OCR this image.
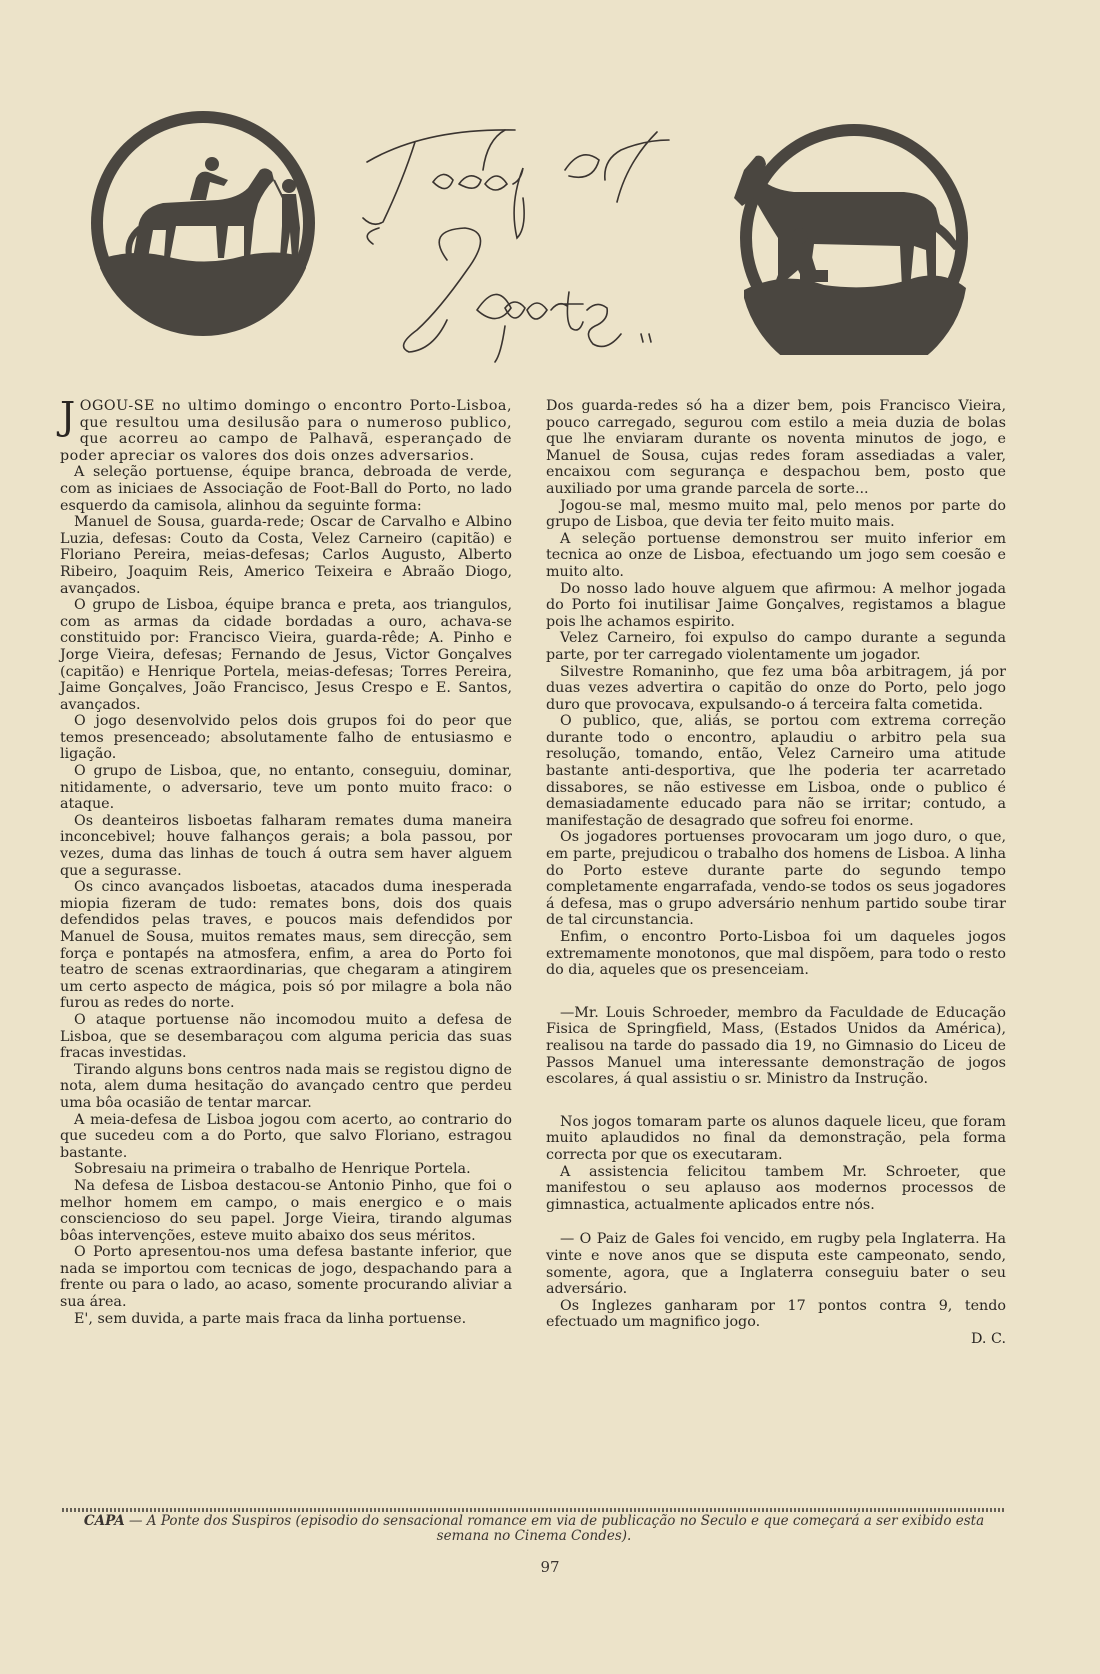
JOGOU-SE no ultimo domingo o encontro Porto-Lisboa, que resultou uma desilusão para o numeroso publico, que acorreu ao campo de Palhavã, esperançado de poder apreciar os valores dos dois onzes adversarios.

A seleção portuense, équipe branca, debroada de verde, com as iniciaes de Associação de Foot-Ball do Porto, no lado esquerdo da camisola, alinhou da seguinte forma:

Manuel de Sousa, guarda-rede; Oscar de Carvalho e Albino Luzia, defesas: Couto da Costa, Velez Carneiro (capitão) e Floriano Pereira, meias-defesas; Carlos Augusto, Alberto Ribeiro, Joaquim Reis, Americo Teixeira e Abraão Diogo, avançados.

O grupo de Lisboa, équipe branca e preta, aos triangulos, com as armas da cidade bordadas a ouro, achava-se constituido por: Francisco Vieira, guarda-rêde; A. Pinho e Jorge Vieira, defesas; Fernando de Jesus, Victor Gonçalves (capitão) e Henrique Portela, meias-defesas; Torres Pereira, Jaime Gonçalves, João Francisco, Jesus Crespo e E. Santos, avançados.

O jogo desenvolvido pelos dois grupos foi do peor que temos presenceado; absolutamente falho de entusiasmo e ligação.

O grupo de Lisboa, que, no entanto, conseguiu, dominar, nitidamente, o adversario, teve um ponto muito fraco: o ataque.

Os deanteiros lisboetas falharam remates duma maneira inconcebivel; houve falhanços gerais; a bola passou, por vezes, duma das linhas de touch á outra sem haver alguem que a segurasse.

Os cinco avançados lisboetas, atacados duma inesperada miopia fizeram de tudo: remates bons, dois dos quais defendidos pelas traves, e poucos mais defendidos por Manuel de Sousa, muitos remates maus, sem direcção, sem força e pontapés na atmosfera, enfim, a area do Porto foi teatro de scenas extraordinarias, que chegaram a atingirem um certo aspecto de mágica, pois só por milagre a bola não furou as redes do norte.

O ataque portuense não incomodou muito a defesa de Lisboa, que se desembaraçou com alguma pericia das suas fracas investidas.

Tirando alguns bons centros nada mais se registou digno de nota, alem duma hesitação do avançado centro que perdeu uma bôa ocasião de tentar marcar.

A meia-defesa de Lisboa jogou com acerto, ao contrario do que sucedeu com a do Porto, que salvo Floriano, estragou bastante.

Sobresaiu na primeira o trabalho de Henrique Portela.

Na defesa de Lisboa destacou-se Antonio Pinho, que foi o melhor homem em campo, o mais energico e o mais consciencioso do seu papel. Jorge Vieira, tirando algumas bôas intervenções, esteve muito abaixo dos seus méritos.

O Porto apresentou-nos uma defesa bastante inferior, que nada se importou com tecnicas de jogo, despachando para a frente ou para o lado, ao acaso, somente procurando aliviar a sua área.

E', sem duvida, a parte mais fraca da linha portuense.

Dos guarda-redes só ha a dizer bem, pois Francisco Vieira, pouco carregado, segurou com estilo a meia duzia de bolas que lhe enviaram durante os noventa minutos de jogo, e Manuel de Sousa, cujas redes foram assediadas a valer, encaixou com segurança e despachou bem, posto que auxiliado por uma grande parcela de sorte...

Jogou-se mal, mesmo muito mal, pelo menos por parte do grupo de Lisboa, que devia ter feito muito mais.

A seleção portuense demonstrou ser muito inferior em tecnica ao onze de Lisboa, efectuando um jogo sem coesão e muito alto.

Do nosso lado houve alguem que afirmou: A melhor jogada do Porto foi inutilisar Jaime Gonçalves, registamos a blague pois lhe achamos espirito.

Velez Carneiro, foi expulso do campo durante a segunda parte, por ter carregado violentamente um jogador.

Silvestre Romaninho, que fez uma bôa arbitragem, já por duas vezes advertira o capitão do onze do Porto, pelo jogo duro que provocava, expulsando-o á terceira falta cometida.

O publico, que, aliás, se portou com extrema correção durante todo o encontro, aplaudiu o arbitro pela sua resolução, tomando, então, Velez Carneiro uma atitude bastante anti-desportiva, que lhe poderia ter acarretado dissabores, se não estivesse em Lisboa, onde o publico é demasiadamente educado para não se irritar; contudo, a manifestação de desagrado que sofreu foi enorme.

Os jogadores portuenses provocaram um jogo duro, o que, em parte, prejudicou o trabalho dos homens de Lisboa. A linha do Porto esteve durante parte do segundo tempo completamente engarrafada, vendo-se todos os seus jogadores á defesa, mas o grupo adversário nenhum partido soube tirar de tal circunstancia.

Enfim, o encontro Porto-Lisboa foi um daqueles jogos extremamente monotonos, que mal dispõem, para todo o resto do dia, aqueles que os presenceiam.

—Mr. Louis Schroeder, membro da Faculdade de Educação Fisica de Springfield, Mass, (Estados Unidos da América), realisou na tarde do passado dia 19, no Gimnasio do Liceu de Passos Manuel uma interessante demonstração de jogos escolares, á qual assistiu o sr. Ministro da Instrução.

Nos jogos tomaram parte os alunos daquele liceu, que foram muito aplaudidos no final da demonstração, pela forma correcta por que os executaram.

A assistencia felicitou tambem Mr. Schroeter, que manifestou o seu aplauso aos modernos processos de gimnastica, actualmente aplicados entre nós.

— O Paiz de Gales foi vencido, em rugby pela Inglaterra. Ha vinte e nove anos que se disputa este campeonato, sendo, somente, agora, que a Inglaterra conseguiu bater o seu adversário.

Os Inglezes ganharam por 17 pontos contra 9, tendo efectuado um magnifico jogo.

D. C.

CAPA — A Ponte dos Suspiros (episodio do sensacional romance em via de publicação no Seculo e que começará a ser exibido esta semana no Cinema Condes).
97
